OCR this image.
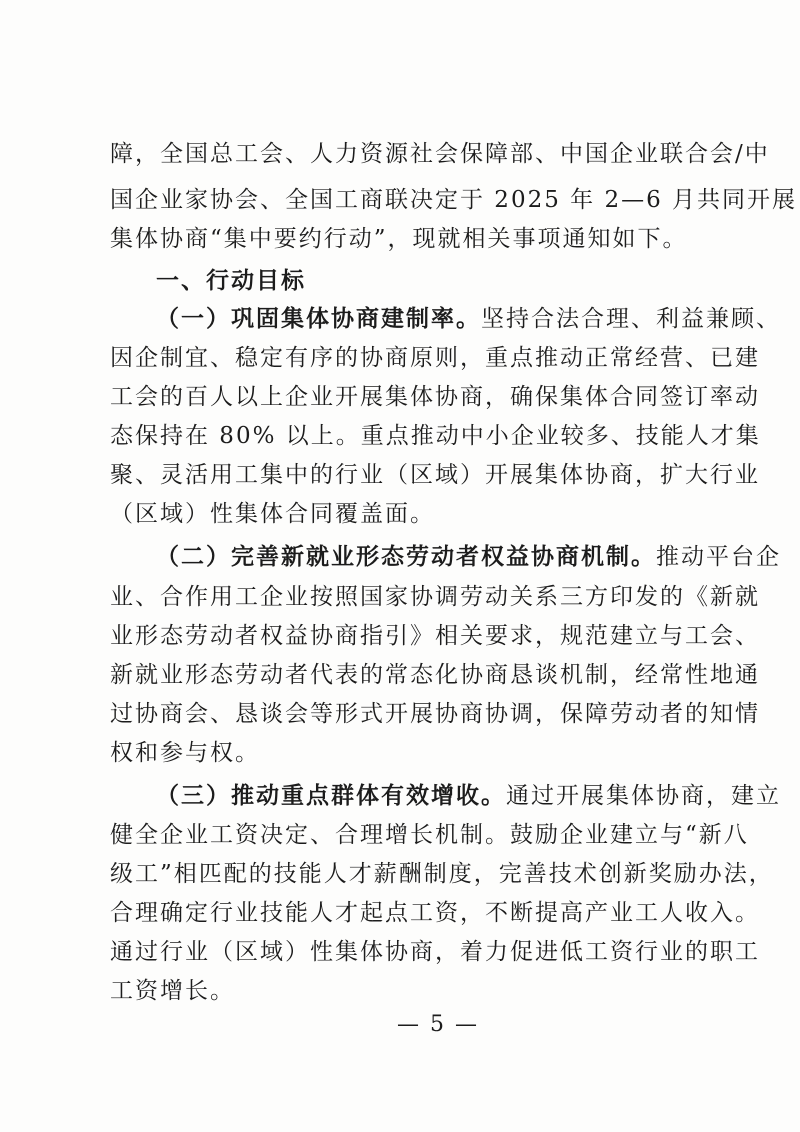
障，全国总工会、人力资源社会保障部、中国企业联合会/中
国企业家协会、全国工商联决定于 2025 年 2—6 月共同开展
集体协商“集中要约行动”，现就相关事项通知如下。
一、行动目标
（一）巩固集体协商建制率。坚持合法合理、利益兼顾、
因企制宜、稳定有序的协商原则，重点推动正常经营、已建
工会的百人以上企业开展集体协商，确保集体合同签订率动
态保持在 80% 以上。重点推动中小企业较多、技能人才集
聚、灵活用工集中的行业（区域）开展集体协商，扩大行业
（区域）性集体合同覆盖面。
（二）完善新就业形态劳动者权益协商机制。推动平台企
业、合作用工企业按照国家协调劳动关系三方印发的《新就
业形态劳动者权益协商指引》相关要求，规范建立与工会、
新就业形态劳动者代表的常态化协商恳谈机制，经常性地通
过协商会、恳谈会等形式开展协商协调，保障劳动者的知情
权和参与权。
（三）推动重点群体有效增收。通过开展集体协商，建立
健全企业工资决定、合理增长机制。鼓励企业建立与“新八
级工”相匹配的技能人才薪酬制度，完善技术创新奖励办法，
合理确定行业技能人才起点工资，不断提高产业工人收入。
通过行业（区域）性集体协商，着力促进低工资行业的职工
工资增长。
— 5 —
